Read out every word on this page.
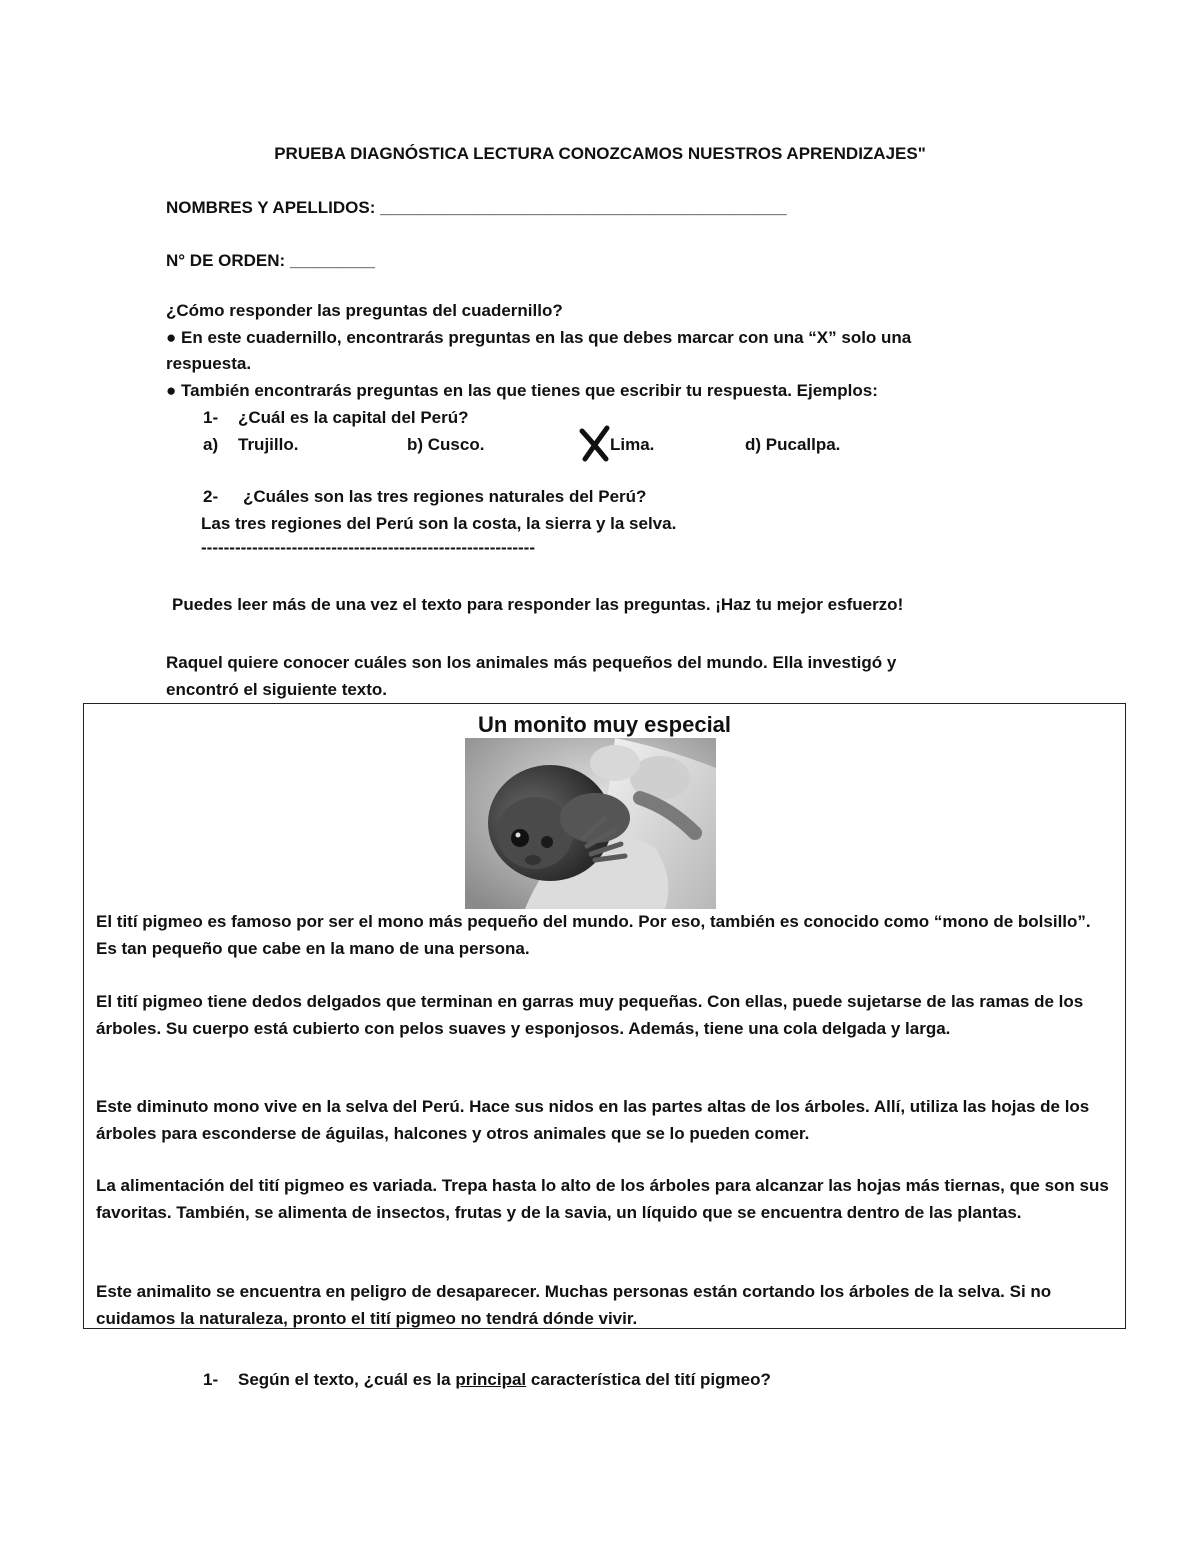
PRUEBA DIAGNÓSTICA LECTURA CONOZCAMOS NUESTROS APRENDIZAJES"
NOMBRES Y APELLIDOS: ___________________________________________
N° DE ORDEN: _________
¿Cómo responder las preguntas del cuadernillo?
● En este cuadernillo, encontrarás preguntas en las que debes marcar con una “X” solo una
respuesta.
● También encontrarás preguntas en las que tienes que escribir tu respuesta. Ejemplos:
1- ¿Cuál es la capital del Perú?
a) Trujillo.	b) Cusco.	Lima.	d) Pucallpa.
2- ¿Cuáles son las tres regiones naturales del Perú?
Las tres regiones del Perú son la costa, la sierra y la selva.
-----------------------------------------------------------
Puedes leer más de una vez el texto para responder las preguntas. ¡Haz tu mejor esfuerzo!
Raquel quiere conocer cuáles son los animales más pequeños del mundo. Ella investigó y
encontró el siguiente texto.
Un monito muy especial
El tití pigmeo es famoso por ser el mono más pequeño del mundo. Por eso, también es conocido como “mono de bolsillo”. Es tan pequeño que cabe en la mano de una persona.
El tití pigmeo tiene dedos delgados que terminan en garras muy pequeñas. Con ellas, puede sujetarse de las ramas de los árboles. Su cuerpo está cubierto con pelos suaves y esponjosos. Además, tiene una cola delgada y larga.
Este diminuto mono vive en la selva del Perú. Hace sus nidos en las partes altas de los árboles. Allí, utiliza las hojas de los árboles para esconderse de águilas, halcones y otros animales que se lo pueden comer.
La alimentación del tití pigmeo es variada. Trepa hasta lo alto de los árboles para alcanzar las hojas más tiernas, que son sus favoritas. También, se alimenta de insectos, frutas y de la savia, un líquido que se encuentra dentro de las plantas.
Este animalito se encuentra en peligro de desaparecer. Muchas personas están cortando los árboles de la selva. Si no cuidamos la naturaleza, pronto el tití pigmeo no tendrá dónde vivir.
1- Según el texto, ¿cuál es la principal característica del tití pigmeo?
